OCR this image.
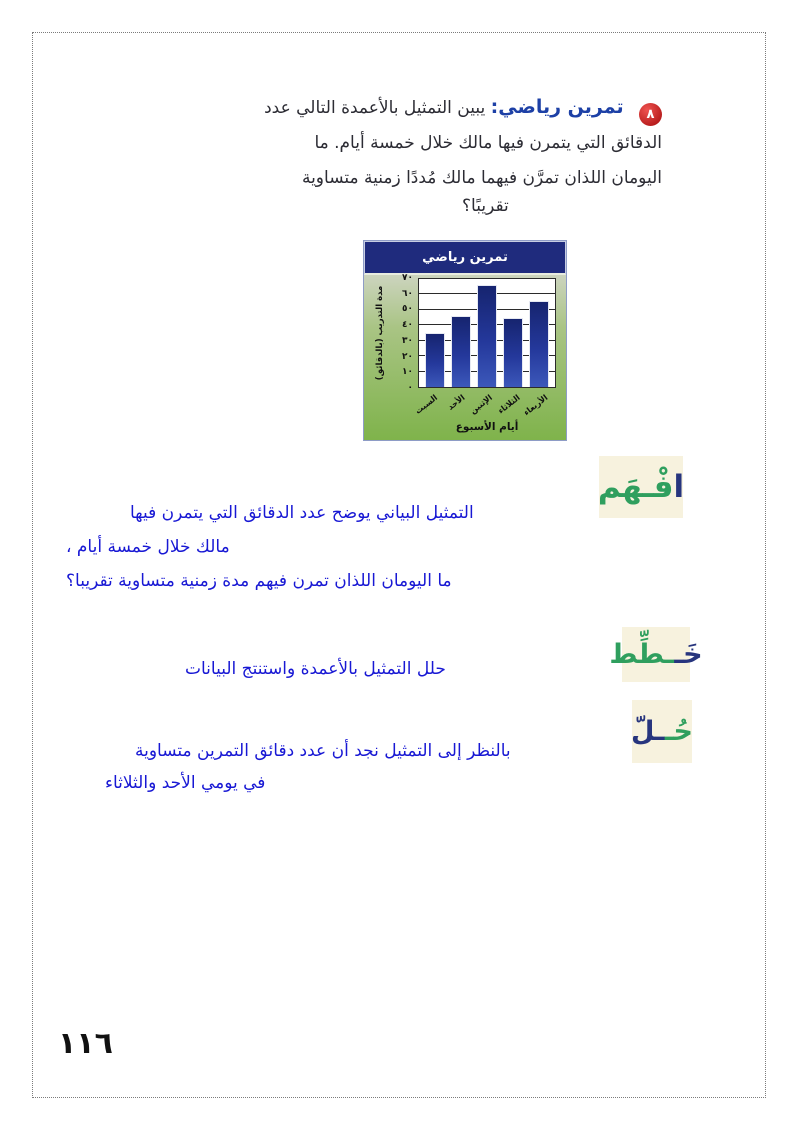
٨ تمرين رياضي: يبين التمثيل بالأعمدة التالي عدد
الدقائق التي يتمرن فيها مالك خلال خمسة أيام. ما
اليومان اللذان تمرَّن فيهما مالك مُددًا زمنية متساوية
تقريبًا؟
تمرين رياضي
مدة التدريب (بالدقائق)
٧٠
٦٠
٥٠
٤٠
٣٠
٢٠
١٠
٠
السبت الأحد الإثنين الثلاثاء الأربعاء
أيام الأسبوع
ا
فْـهَم
التمثيل البياني يوضح عدد الدقائق التي يتمرن فيها
مالك خلال خمسة أيام ،
ما اليومان اللذان تمرن فيهم مدة زمنية متساوية تقريبا؟
خَـ
ـطِّط
حلل التمثيل بالأعمدة واستنتج البيانات
حُـ
ـلّ
بالنظر إلى التمثيل نجد أن عدد دقائق التمرين متساوية
في يومي الأحد والثلاثاء
١١٦
